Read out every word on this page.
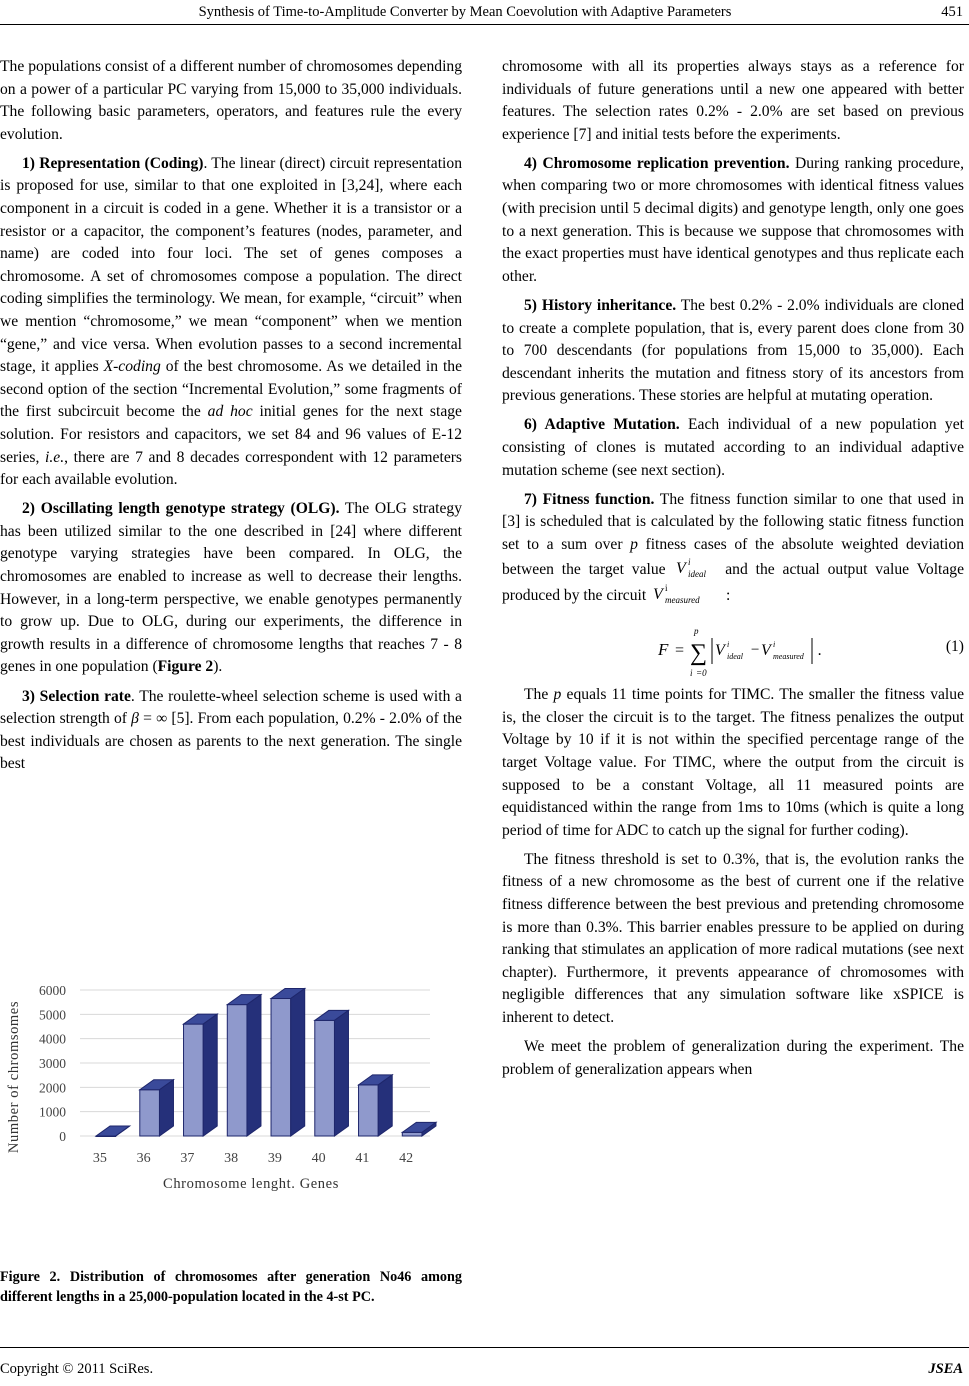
Synthesis of Time-to-Amplitude Converter by Mean Coevolution with Adaptive Parameters	451

The populations consist of a different number of chromosomes depending on a power of a particular PC varying from 15,000 to 35,000 individuals. The following basic parameters, operators, and features rule the every evolution.

1) Representation (Coding). The linear (direct) circuit representation is proposed for use, similar to that one exploited in [3,24], where each component in a circuit is coded in a gene. Whether it is a transistor or a resistor or a capacitor, the component’s features (nodes, parameter, and name) are coded into four loci. The set of genes composes a chromosome. A set of chromosomes compose a population. The direct coding simplifies the terminology. We mean, for example, “circuit” when we mention “chromosome,” we mean “component” when we mention “gene,” and vice versa. When evolution passes to a second incremental stage, it applies X-coding of the best chromosome. As we detailed in the second option of the section “Incremental Evolution,” some fragments of the first subcircuit become the ad hoc initial genes for the next stage solution. For resistors and capacitors, we set 84 and 96 values of E-12 series, i.e., there are 7 and 8 decades correspondent with 12 parameters for each available evolution.

2) Oscillating length genotype strategy (OLG). The OLG strategy has been utilized similar to the one described in [24] where different genotype varying strategies have been compared. In OLG, the chromosomes are enabled to increase as well to decrease their lengths. However, in a long-term perspective, we enable genotypes permanently to grow up. Due to OLG, during our experiments, the difference in growth results in a difference of chromosome lengths that reaches 7 - 8 genes in one population (Figure 2).

3) Selection rate. The roulette-wheel selection scheme is used with a selection strength of β = ∞ [5]. From each population, 0.2% - 2.0% of the best individuals are chosen as parents to the next generation. The single best

chromosome with all its properties always stays as a reference for individuals of future generations until a new one appeared with better features. The selection rates 0.2% - 2.0% are set based on previous experience [7] and initial tests before the experiments.

4) Chromosome replication prevention. During ranking procedure, when comparing two or more chromosomes with identical fitness values (with precision until 5 decimal digits) and genotype length, only one goes to a next generation. This is because we suppose that chromosomes with the exact properties must have identical genotypes and thus replicate each other.

5) History inheritance. The best 0.2% - 2.0% individuals are cloned to create a complete population, that is, every parent does clone from 30 to 700 descendants (for populations from 15,000 to 35,000). Each descendant inherits the mutation and fitness story of its ancestors from previous generations. These stories are helpful at mutating operation.

6) Adaptive Mutation. Each individual of a new population yet consisting of clones is mutated according to an individual adaptive mutation scheme (see next section).

7) Fitness function. The fitness function similar to one that used in [3] is scheduled that is calculated by the following static fitness function set to a sum over p fitness cases of the absolute weighted deviation between the target value V i
ideal and the actual output value Voltage produced by the circuit V i
measured :

F = ∑
p
i =0
V i
ideal − V i
measured .	(1)

The p equals 11 time points for TIMC. The smaller the fitness value is, the closer the circuit is to the target. The fitness penalizes the output Voltage by 10 if it is not within the specified percentage range of the target Voltage value. For TIMC, where the output from the circuit is supposed to be a constant Voltage, all 11 measured points are equidistanced within the range from 1ms to 10ms (which is quite a long period of time for ADC to catch up the signal for further coding).

The fitness threshold is set to 0.3%, that is, the evolution ranks the fitness of a new chromosome as the best of current one if the relative fitness difference between the best previous and pretending chromosome is more than 0.3%. This barrier enables pressure to be applied on during ranking that stimulates an application of more radical mutations (see next chapter). Furthermore, it prevents appearance of chromosomes with negligible differences that any simulation software like xSPICE is inherent to detect.

We meet the problem of generalization during the experiment. The problem of generalization appears when

0
1000
2000
3000
4000
5000
6000
35 36 37 38 39 40 41 42
Number of chromsomes
Chromosome lenght. Genes
Figure 2. Distribution of chromosomes after generation No46 among different lengths in a 25,000-population located in the 4-st PC.
Copyright © 2011 SciRes.	JSEA
